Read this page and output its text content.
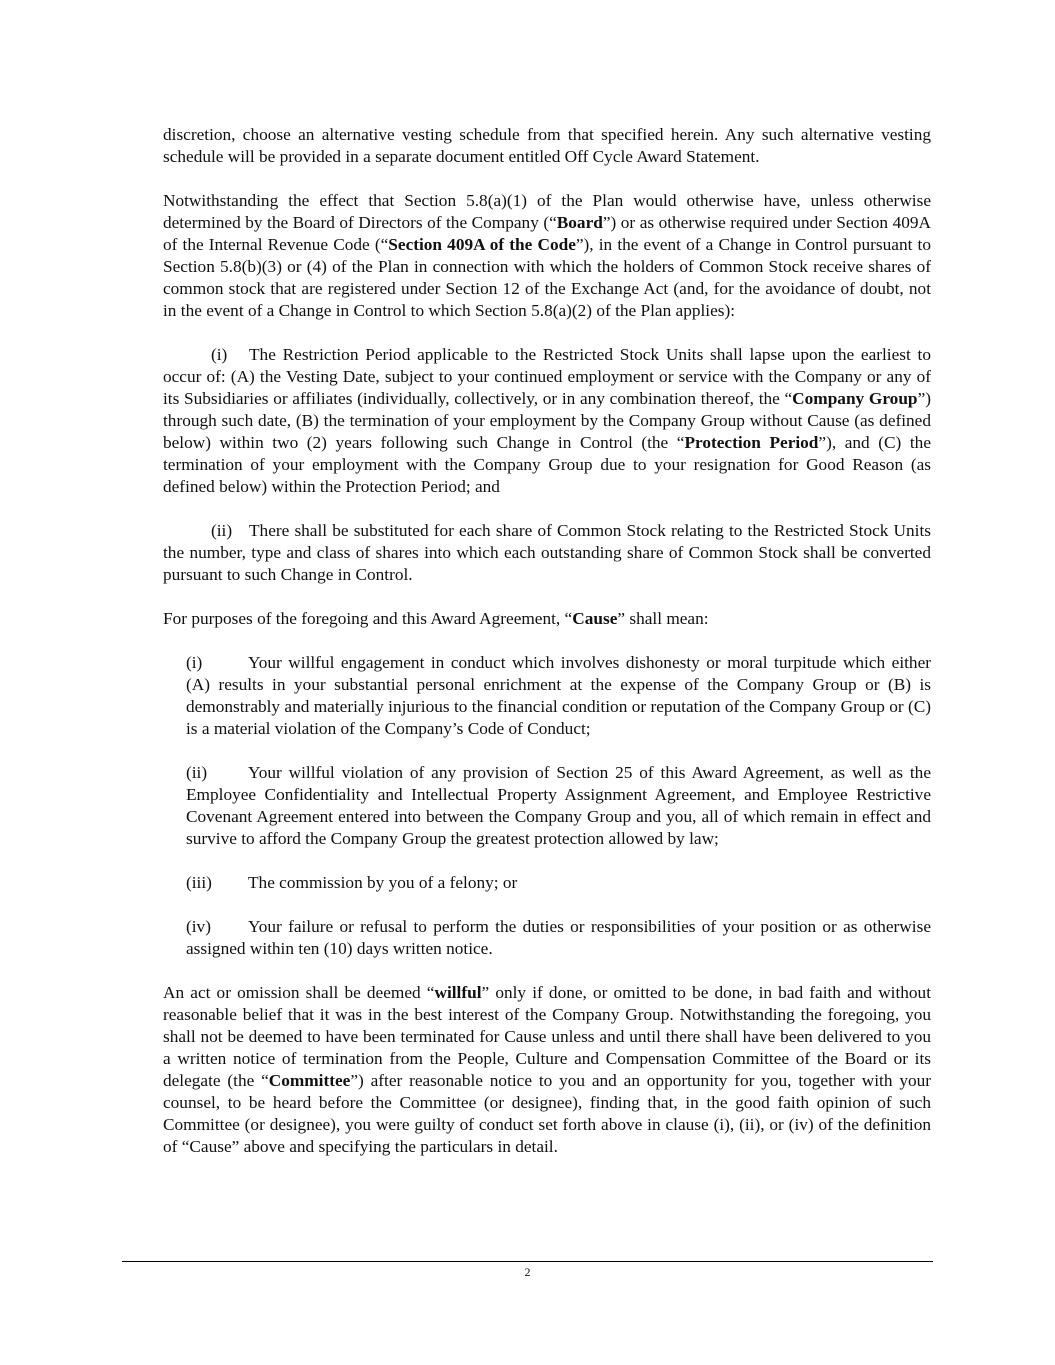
discretion, choose an alternative vesting schedule from that specified herein. Any such alternative vesting schedule will be provided in a separate document entitled Off Cycle Award Statement.

Notwithstanding the effect that Section 5.8(a)(1) of the Plan would otherwise have, unless otherwise determined by the Board of Directors of the Company (“Board”) or as otherwise required under Section 409A of the Internal Revenue Code (“Section 409A of the Code”), in the event of a Change in Control pursuant to Section 5.8(b)(3) or (4) of the Plan in connection with which the holders of Common Stock receive shares of common stock that are registered under Section 12 of the Exchange Act (and, for the avoidance of doubt, not in the event of a Change in Control to which Section 5.8(a)(2) of the Plan applies):

(i) The Restriction Period applicable to the Restricted Stock Units shall lapse upon the earliest to occur of: (A) the Vesting Date, subject to your continued employment or service with the Company or any of its Subsidiaries or affiliates (individually, collectively, or in any combination thereof, the “Company Group”) through such date, (B) the termination of your employment by the Company Group without Cause (as defined below) within two (2) years following such Change in Control (the “Protection Period”), and (C) the termination of your employment with the Company Group due to your resignation for Good Reason (as defined below) within the Protection Period; and

(ii) There shall be substituted for each share of Common Stock relating to the Restricted Stock Units the number, type and class of shares into which each outstanding share of Common Stock shall be converted pursuant to such Change in Control.

For purposes of the foregoing and this Award Agreement, “Cause” shall mean:

(i)	Your willful engagement in conduct which involves dishonesty or moral turpitude which either (A) results in your substantial personal enrichment at the expense of the Company Group or (B) is demonstrably and materially injurious to the financial condition or reputation of the Company Group or (C) is a material violation of the Company’s Code of Conduct;

(ii) Your willful violation of any provision of Section 25 of this Award Agreement, as well as the Employee Confidentiality and Intellectual Property Assignment Agreement, and Employee Restrictive Covenant Agreement entered into between the Company Group and you, all of which remain in effect and survive to afford the Company Group the greatest protection allowed by law;

(iii) The commission by you of a felony; or

(iv) Your failure or refusal to perform the duties or responsibilities of your position or as otherwise assigned within ten (10) days written notice.

An act or omission shall be deemed “willful” only if done, or omitted to be done, in bad faith and without reasonable belief that it was in the best interest of the Company Group. Notwithstanding the foregoing, you shall not be deemed to have been terminated for Cause unless and until there shall have been delivered to you a written notice of termination from the People, Culture and Compensation Committee of the Board or its delegate (the “Committee”) after reasonable notice to you and an opportunity for you, together with your counsel, to be heard before the Committee (or designee), finding that, in the good faith opinion of such Committee (or designee), you were guilty of conduct set forth above in clause (i), (ii), or (iv) of the definition of “Cause” above and specifying the particulars in detail.

2
